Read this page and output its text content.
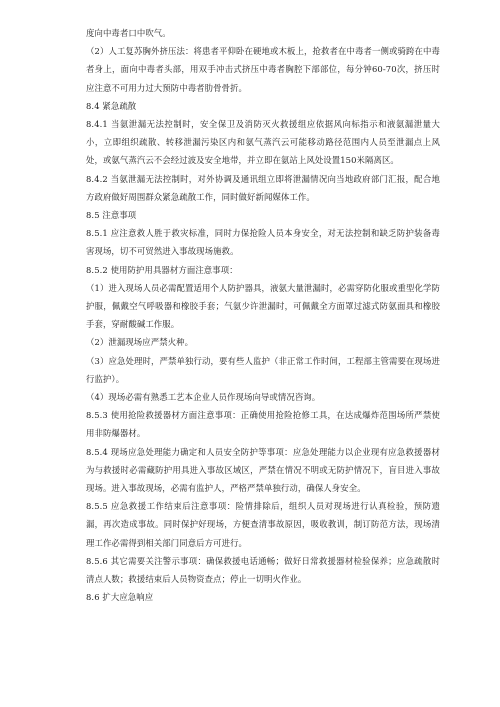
度向中毒者口中吹气。

（2）人工复苏胸外挤压法：将患者平仰卧在硬地或木板上，抢救者在中毒者一侧或骑跨在中毒者身上，面向中毒者头部，用双手冲击式挤压中毒者胸腔下部部位，每分钟60-70次，挤压时应注意不可用力过大预防中毒者肋骨骨折。

8.4 紧急疏散

8.4.1 当氨泄漏无法控制时，安全保卫及消防灭火救援组应依据风向标指示和液氨漏泄量大小，立即组织疏散、转移泄漏污染区内和氨气蒸汽云可能移动路径范围内人员至泄漏点上风处，或氨气蒸汽云不会经过波及安全地带，并立即在氨站上风处设置150米隔离区。

8.4.2 当氨泄漏无法控制时，对外协调及通讯组立即将泄漏情况向当地政府部门汇报，配合地方政府做好周围群众紧急疏散工作，同时做好新闻媒体工作。

8.5 注意事项

8.5.1 应注意救人胜于救灾标准，同时力保抢险人员本身安全，对无法控制和缺乏防护装备毒害现场，切不可贸然进入事故现场施救。

8.5.2 使用防护用具器材方面注意事项：

（1）进入现场人员必需配置适用个人防护器具，液氨大量泄漏时，必需穿防化服或重型化学防护服，佩戴空气呼吸器和橡胶手套；气氨少许泄漏时，可佩戴全方面罩过滤式防氨面具和橡胶手套，穿耐酸碱工作服。

（2）泄漏现场应严禁火种。

（3）应急处理时，严禁单独行动，要有些人监护（非正常工作时间，工程部主管需要在现场进行监护）。

（4）现场必需有熟悉工艺本企业人员作现场向导或情况咨询。

8.5.3 使用抢险救援器材方面注意事项：正确使用抢险抢修工具，在达成爆炸范围场所严禁使用非防爆器材。

8.5.4 现场应急处理能力确定和人员安全防护等事项：应急处理能力以企业现有应急救援器材为与救援时必需藏防护用具进入事故区域区，严禁在情况不明或无防护情况下，盲目进入事故现场。进入事故现场，必需有监护人，严格严禁单独行动，确保人身安全。

8.5.5 应急救援工作结束后注意事项：险情排除后，组织人员对现场进行认真检验，预防遗漏，再次造成事故。同时保护好现场，方便查清事故原因，吸收教训，制订防范方法，现场清理工作必需得到相关部门同意后方可进行。

8.5.6 其它需要关注警示事项：确保救援电话通畅；做好日常救援器材检验保养；应急疏散时清点人数；救援结束后人员物资查点；停止一切明火作业。

8.6 扩大应急响应
